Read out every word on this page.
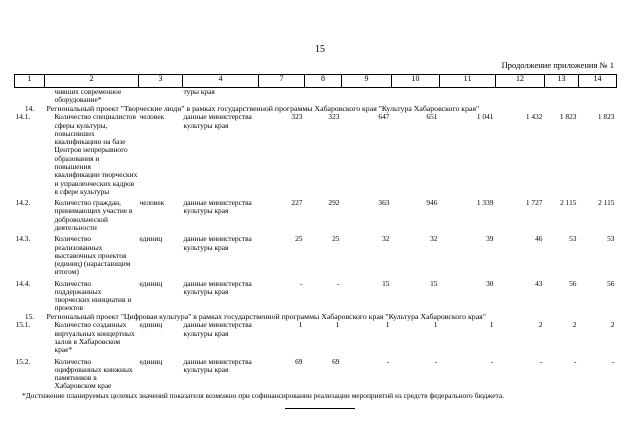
15
Продолжение приложения № 1
1	2	3	4	7	8	9	10	11	12	13	14
	чивших современное оборудование*		туры края								
14.	Региональный проект "Творческие люди" в рамках государственной программы Хабаровского края "Культура Хабаровского края"										
14.1.	Количество специалистов сферы культуры, повысивших квалификацию на базе Центров непрерывного образования и повышения квалификации творческих и управленческих кадров в сфере культуры	человек	данные министерства культуры края	323	323	647	651	1 041	1 432	1 823	1 823

14.2.	Количество граждан, принимающих участие в добровольческой деятельности	человек	данные министерства культуры края	227	292	363	946	1 339	1 727	2 115	2 115

14.3.	Количество реализованных выставочных проектов (единиц) (нарастающим итогом)	единиц	данные министерства культуры края	25	25	32	32	39	46	53	53

14.4.	Количество поддержанных творческих инициатив и проектов	единиц	данные министерства культуры края	-	-	15	15	30	43	56	56
15.	Региональный проект "Цифровая культура" в рамках государственной программы Хабаровского края "Культура Хабаровского края"										
15.1.	Количество созданных виртуальных концертных залов в Хабаровском крае*	единиц	данные министерства культуры края	1	1	1	1	1	2	2	2

15.2.	Количество оцифрованных книжных памятников в Хабаровском крае	единиц	данные министерства культуры края	69	69	-	-	-	-	-	-
*Достижение планируемых целевых значений показателя возможно при софинансировании реализации мероприятий из средств федерального бюджета.
